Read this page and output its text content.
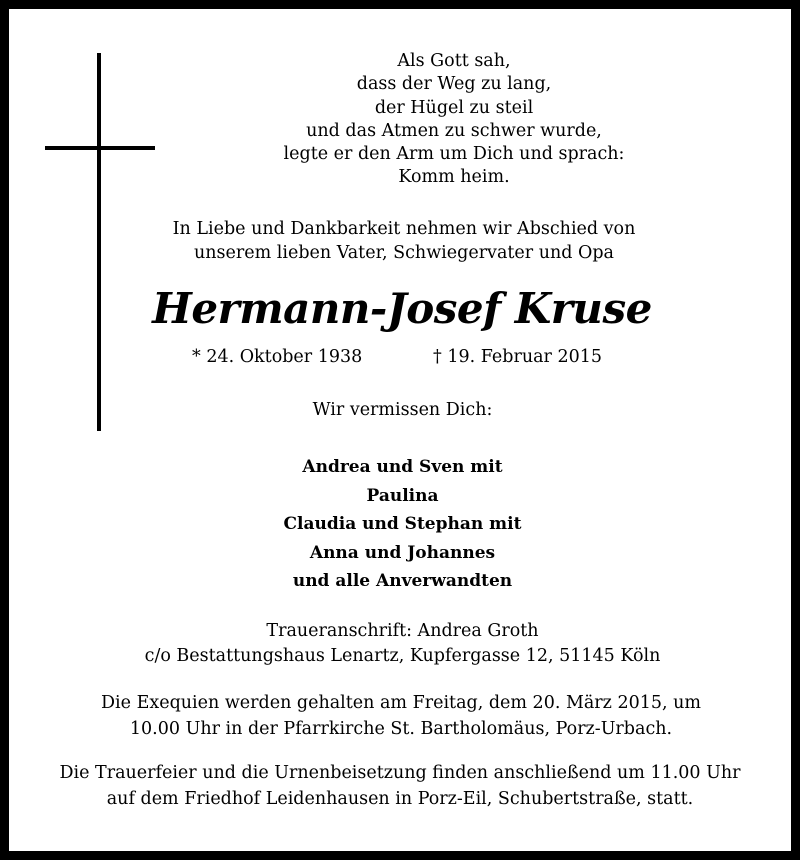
Als Gott sah,
dass der Weg zu lang,
der Hügel zu steil
und das Atmen zu schwer wurde,
legte er den Arm um Dich und sprach:
Komm heim.
In Liebe und Dankbarkeit nehmen wir Abschied von
unserem lieben Vater, Schwiegervater und Opa
Hermann-Josef Kruse
* 24. Oktober 1938	† 19. Februar 2015
Wir vermissen Dich:
Andrea und Sven mit
Paulina
Claudia und Stephan mit
Anna und Johannes
und alle Anverwandten
Traueranschrift: Andrea Groth
c/o Bestattungshaus Lenartz, Kupfergasse 12, 51145 Köln
Die Exequien werden gehalten am Freitag, dem 20. März 2015, um
10.00 Uhr in der Pfarrkirche St. Bartholomäus, Porz-Urbach.
Die Trauerfeier und die Urnenbeisetzung finden anschließend um 11.00 Uhr
auf dem Friedhof Leidenhausen in Porz-Eil, Schubertstraße, statt.
